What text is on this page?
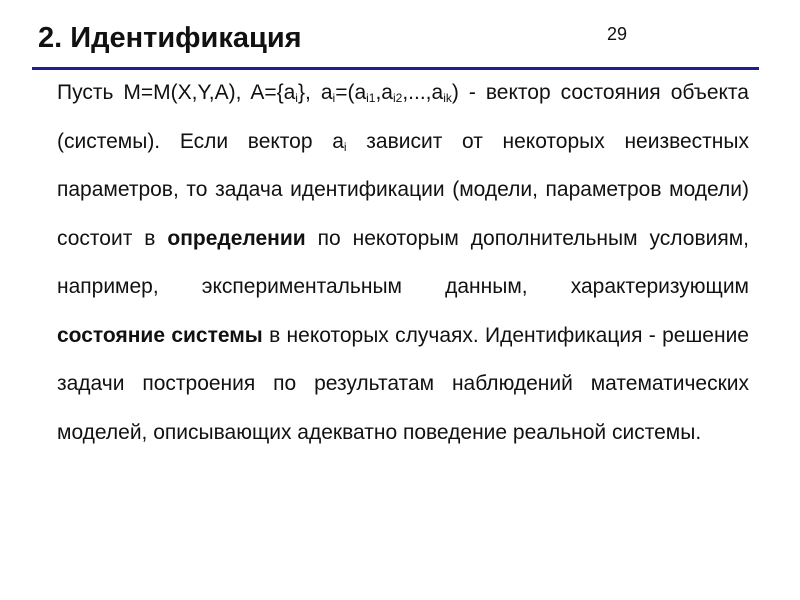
2. Идентификация	29
Пусть M=M(X,Y,A), $A=\{a_i\}$, $a_i=(a_{i1},a_{i2},...,a_{ik})$ - вектор состояния объекта (системы). Если вектор $a_i$ зависит от некоторых неизвестных параметров, то задача идентификации (модели, параметров модели) состоит в определении по некоторым дополнительным условиям, например, экспериментальным данным, характеризующим состояние системы в некоторых случаях. Идентификация - решение задачи построения по результатам наблюдений математических моделей, описывающих адекватно поведение реальной системы.
